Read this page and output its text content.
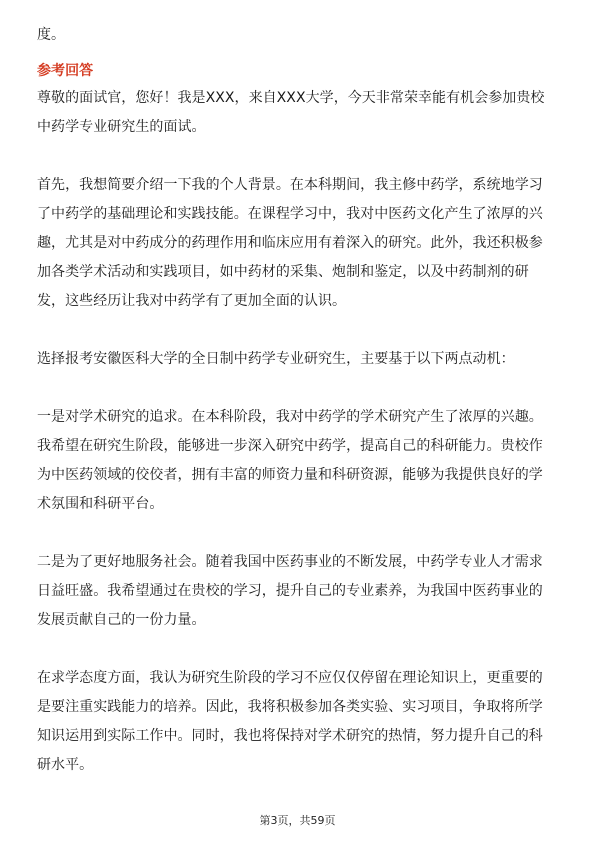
度。
参考回答
尊敬的面试官，您好！我是XXX，来自XXX大学，今天非常荣幸能有机会参加贵校
中药学专业研究生的面试。
首先，我想简要介绍一下我的个人背景。在本科期间，我主修中药学，系统地学习
了中药学的基础理论和实践技能。在课程学习中，我对中医药文化产生了浓厚的兴
趣，尤其是对中药成分的药理作用和临床应用有着深入的研究。此外，我还积极参
加各类学术活动和实践项目，如中药材的采集、炮制和鉴定，以及中药制剂的研
发，这些经历让我对中药学有了更加全面的认识。
选择报考安徽医科大学的全日制中药学专业研究生，主要基于以下两点动机：
一是对学术研究的追求。在本科阶段，我对中药学的学术研究产生了浓厚的兴趣。
我希望在研究生阶段，能够进一步深入研究中药学，提高自己的科研能力。贵校作
为中医药领域的佼佼者，拥有丰富的师资力量和科研资源，能够为我提供良好的学
术氛围和科研平台。
二是为了更好地服务社会。随着我国中医药事业的不断发展，中药学专业人才需求
日益旺盛。我希望通过在贵校的学习，提升自己的专业素养，为我国中医药事业的
发展贡献自己的一份力量。
在求学态度方面，我认为研究生阶段的学习不应仅仅停留在理论知识上，更重要的
是要注重实践能力的培养。因此，我将积极参加各类实验、实习项目，争取将所学
知识运用到实际工作中。同时，我也将保持对学术研究的热情，努力提升自己的科
研水平。
第3页，共59页
